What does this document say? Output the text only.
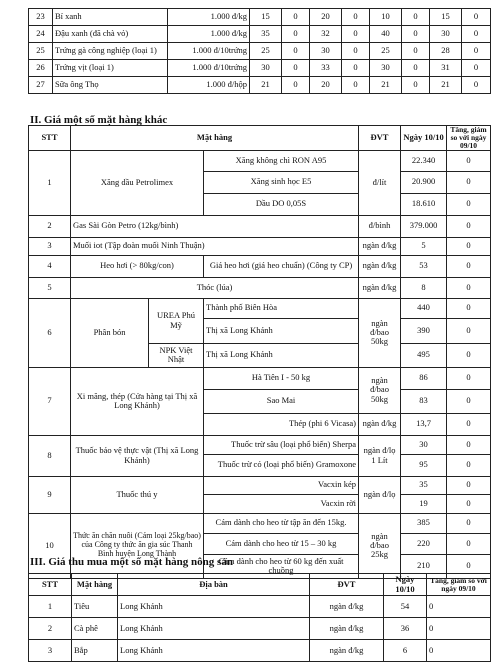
23	Bí xanh	1.000 đ/kg	15	0	20	0	10	0	15	0
24	Đậu xanh (đã chà vỏ)	1.000 đ/kg	35	0	32	0	40	0	30	0
25	Trứng gà công nghiệp (loại 1)	1.000 đ/10trứng	25	0	30	0	25	0	28	0
26	Trứng vịt (loại 1)	1.000 đ/10trứng	30	0	33	0	30	0	31	0
27	Sữa ông Thọ	1.000 đ/hộp	21	0	20	0	21	0	21	0
II. Giá một số mặt hàng khác
STT	Mặt hàng			ĐVT	Ngày 10/10	Tăng, giảm so với ngày 09/10
1	Xăng dầu Petrolimex		Xăng không chì RON A95	đ/lít	22.340	0
			Xăng sinh học E5		20.900	0
			Dầu DO 0,05S		18.610	0
2	Gas Sài Gòn Petro (12kg/bình)			đ/bình	379.000	0
3	Muối iot (Tập đoàn muối Ninh Thuận)			ngàn đ/kg	5	0
4	Heo hơi (> 80kg/con)		Giá heo hơi (giá heo chuẩn) (Công ty CP)	ngàn đ/kg	53	0
5	Thóc (lúa)			ngàn đ/kg	8	0
6	Phân bón	UREA Phú Mỹ	Thành phố Biên Hòa	ngàn đ/bao 50kg	440	0
			Thị xã Long Khánh		390	0
		NPK Việt Nhật	Thị xã Long Khánh		495	0
7	Xi măng, thép (Cửa hàng tại Thị xã Long Khánh)		Hà Tiên I - 50 kg	ngàn đ/bao 50kg	86	0
			Sao Mai		83	0
			Thép (phi 6 Vicasa)	ngàn đ/kg	13,7	0
8	Thuốc bảo vệ thực vật (Thị xã Long Khánh)		Thuốc trừ sâu (loại phổ biến) Sherpa	ngàn đ/lọ 1 Lít	30	0
			Thuốc trừ cỏ (loại phổ biến) Gramoxone		95	0
9	Thuốc thú y		Vacxin kép	ngàn đ/lọ	35	0
			Vacxin rời		19	0
10	Thức ăn chăn nuôi (Cám loại 25kg/bao) của Công ty thức ăn gia súc Thanh Bình huyện Long Thành		Cám dành cho heo từ tập ăn đến 15kg.	ngàn đ/bao 25kg	385	0
			Cám dành cho heo từ 15 – 30 kg		220	0
			Cám dành cho heo từ 60 kg đến xuất chuồng		210	0
III. Giá thu mua một số mặt hàng nông sản
STT	Mặt hàng	Địa bàn	ĐVT	Ngày 10/10	Tăng, giảm so với ngày 09/10
1	Tiêu	Long Khánh	ngàn đ/kg	54	0
2	Cà phê	Long Khánh	ngàn đ/kg	36	0
3	Bắp	Long Khánh	ngàn đ/kg	6	0
